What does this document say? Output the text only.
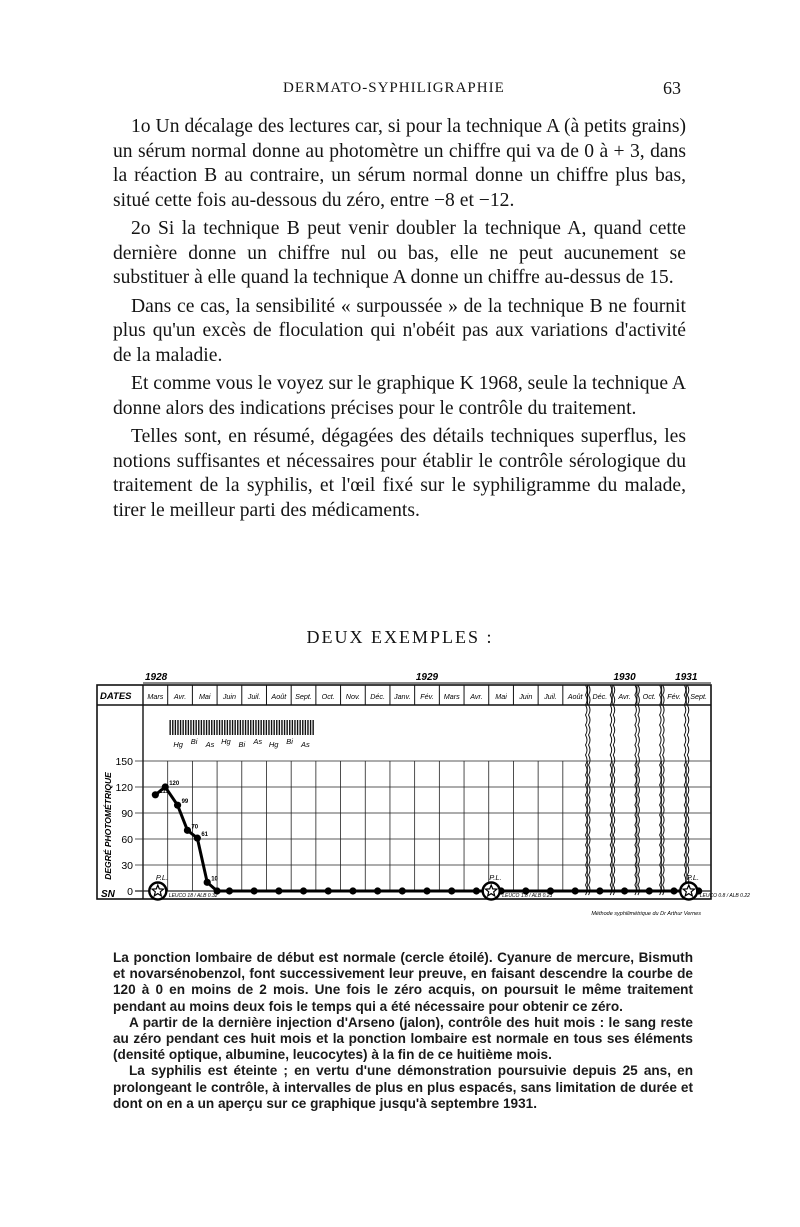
DERMATO-SYPHILIGRAPHIE	63

1o Un décalage des lectures car, si pour la technique A (à petits grains) un sérum normal donne au photomètre un chiffre qui va de 0 à + 3, dans la réaction B au contraire, un sérum normal donne un chiffre plus bas, situé cette fois au-dessous du zéro, entre −8 et −12.

2o Si la technique B peut venir doubler la technique A, quand cette dernière donne un chiffre nul ou bas, elle ne peut aucunement se substituer à elle quand la technique A donne un chiffre au-dessus de 15.

Dans ce cas, la sensibilité « surpoussée » de la technique B ne fournit plus qu'un excès de floculation qui n'obéit pas aux variations d'activité de la maladie.

Et comme vous le voyez sur le graphique K 1968, seule la technique A donne alors des indications précises pour le contrôle du traitement.

Telles sont, en résumé, dégagées des détails techniques superflus, les notions suffisantes et nécessaires pour établir le contrôle sérologique du traitement de la syphilis, et l'œil fixé sur le syphiligramme du malade, tirer le meilleur parti des médicaments.

DEUX EXEMPLES :
1928	1929	1930	1931
DATES Mars Avr. Mai Juin Juil. Août Sept. Oct. Nov. Déc. Janv. Fév. Mars Avr. Mai Juin Juil. Août Déc. Avr. Oct. Fév. Sept.
150
120
90
60
30
0
DEGRÉ PHOTOMÉTRIQUE
SN
Hg Bi As Hg Bi As Hg Bi As
111
120
99
70
61
10
P.L.
LEUCO 18 / ALB 0.32
P.L.
LEUCO 1.8 / ALB 0.23
P.L.
LEUCO 0.8 / ALB 0.22
Méthode syphilimétrique du Dr Arthur Vernes

La ponction lombaire de début est normale (cercle étoilé). Cyanure de mercure, Bismuth et novarsénobenzol, font successivement leur preuve, en faisant descendre la courbe de 120 à 0 en moins de 2 mois. Une fois le zéro acquis, on poursuit le même traitement pendant au moins deux fois le temps qui a été nécessaire pour obtenir ce zéro.

A partir de la dernière injection d'Arseno (jalon), contrôle des huit mois : le sang reste au zéro pendant ces huit mois et la ponction lombaire est normale en tous ses éléments (densité optique, albumine, leucocytes) à la fin de ce huitième mois.

La syphilis est éteinte ; en vertu d'une démonstration poursuivie depuis 25 ans, en prolongeant le contrôle, à intervalles de plus en plus espacés, sans limitation de durée et dont on en a un aperçu sur ce graphique jusqu'à septembre 1931.
